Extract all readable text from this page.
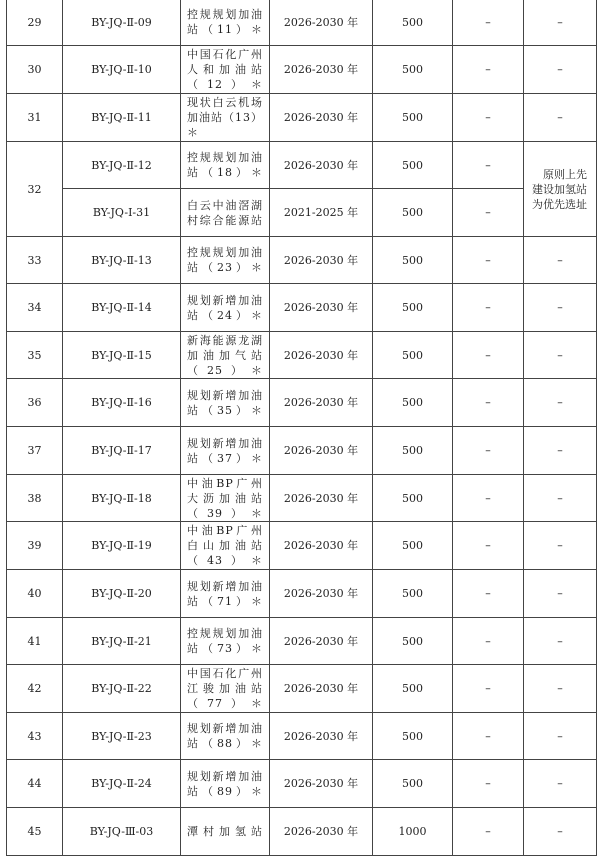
29	BY-JQ-Ⅱ-09	控规规划加油站（11）＊	2026-2030 年	500	–	–
30	BY-JQ-Ⅱ-10	中国石化广州人和加油站（12）＊	2026-2030 年	500	–	–
31	BY-JQ-Ⅱ-11	现状白云机场加油站（13）＊	2026-2030 年	500	–	–
32	BY-JQ-Ⅱ-12	控规规划加油站（18）＊	2026-2030 年	500	–	原则上先建设加氢站为优先选址
	BY-JQ-Ⅰ-31	白云中油滘湖村综合能源站	2021-2025 年	500	–	
33	BY-JQ-Ⅱ-13	控规规划加油站（23）＊	2026-2030 年	500	–	–
34	BY-JQ-Ⅱ-14	规划新增加油站（24）＊	2026-2030 年	500	–	–
35	BY-JQ-Ⅱ-15	新海能源龙湖加油加气站（25）＊	2026-2030 年	500	–	–
36	BY-JQ-Ⅱ-16	规划新增加油站（35）＊	2026-2030 年	500	–	–
37	BY-JQ-Ⅱ-17	规划新增加油站（37）＊	2026-2030 年	500	–	–
38	BY-JQ-Ⅱ-18	中油BP广州大沥加油站（39）＊	2026-2030 年	500	–	–
39	BY-JQ-Ⅱ-19	中油BP广州白山加油站（43）＊	2026-2030 年	500	–	–
40	BY-JQ-Ⅱ-20	规划新增加油站（71）＊	2026-2030 年	500	–	–
41	BY-JQ-Ⅱ-21	控规规划加油站（73）＊	2026-2030 年	500	–	–
42	BY-JQ-Ⅱ-22	中国石化广州江骏加油站（77）＊	2026-2030 年	500	–	–
43	BY-JQ-Ⅱ-23	规划新增加油站（88）＊	2026-2030 年	500	–	–
44	BY-JQ-Ⅱ-24	规划新增加油站（89）＊	2026-2030 年	500	–	–
45	BY-JQ-Ⅲ-03	潭村加氢站	2026-2030 年	1000	–	–
